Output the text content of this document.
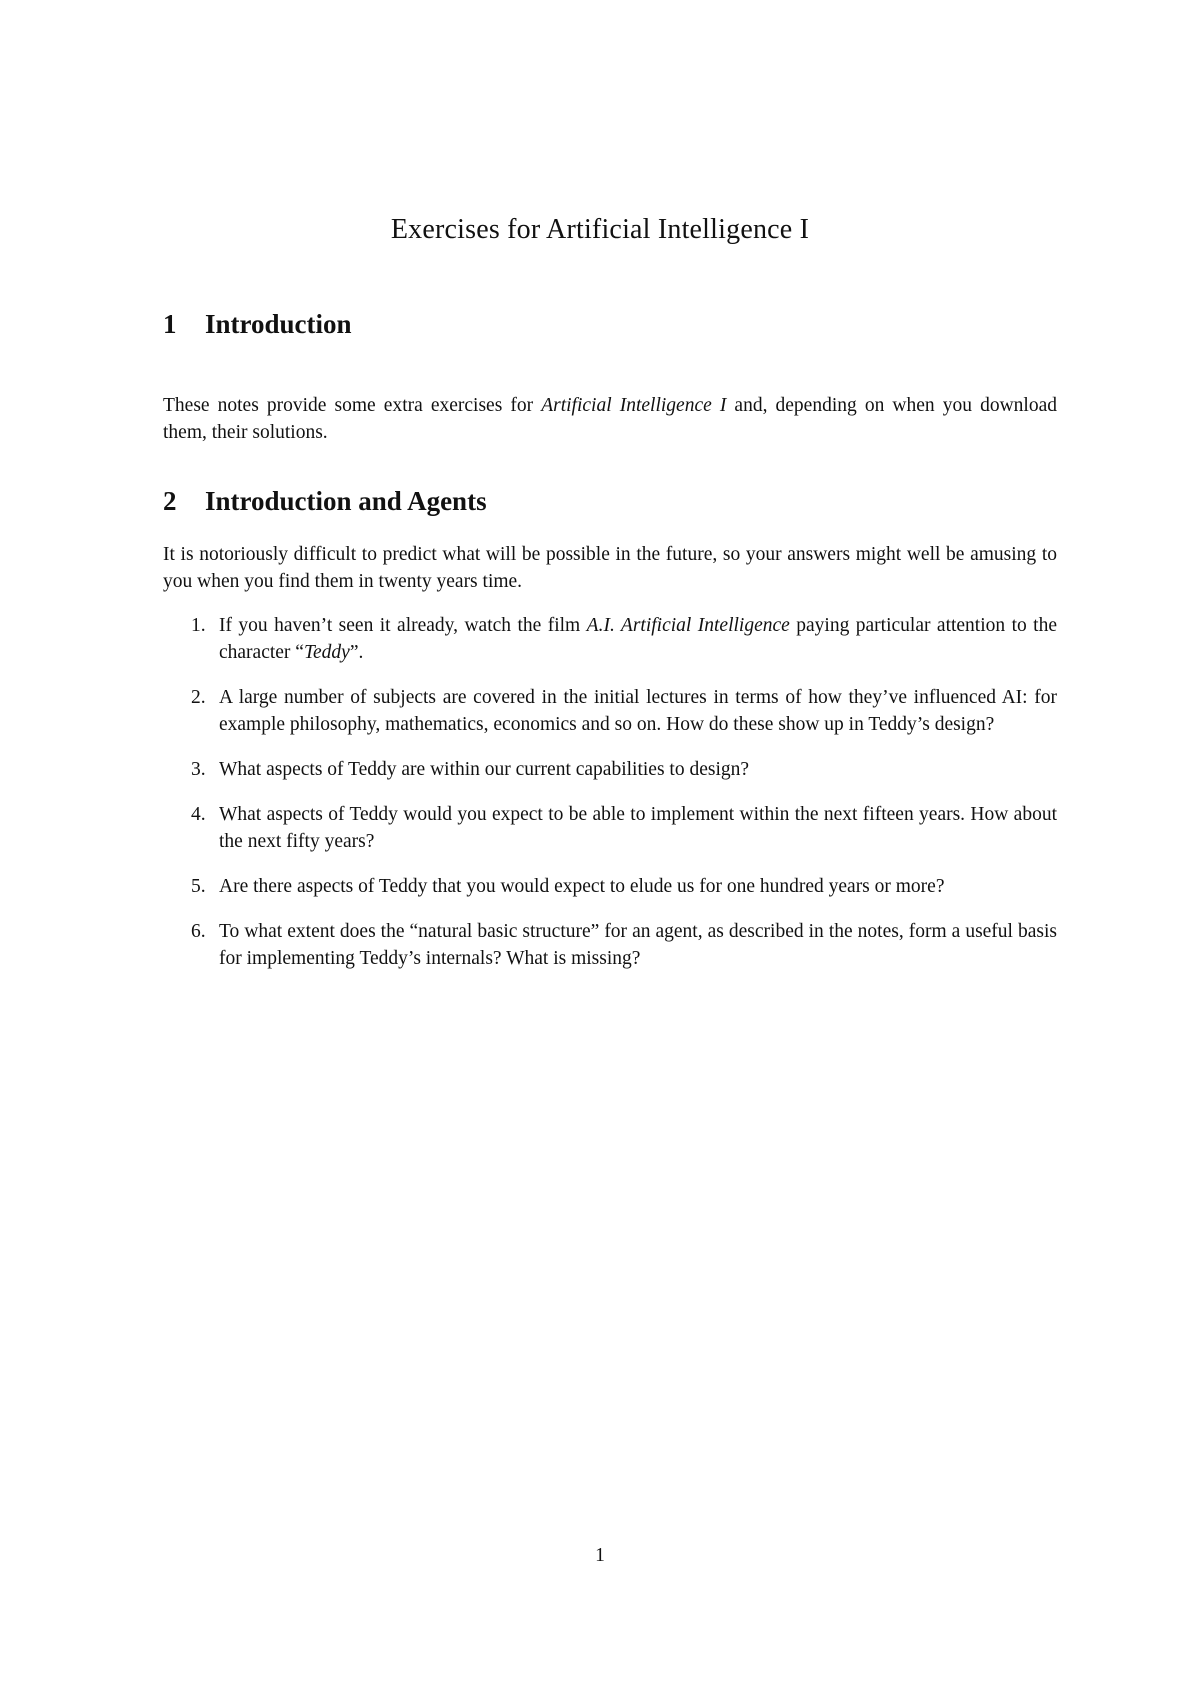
Exercises for Artificial Intelligence I
1 Introduction

These notes provide some extra exercises for Artificial Intelligence I and, depending on when you download them, their solutions.

2 Introduction and Agents

It is notoriously difficult to predict what will be possible in the future, so your answers might well be amusing to you when you find them in twenty years time.

1. If you haven’t seen it already, watch the film A.I. Artificial Intelligence paying particular attention to the character “Teddy”.
2. A large number of subjects are covered in the initial lectures in terms of how they’ve influenced AI: for example philosophy, mathematics, economics and so on. How do these show up in Teddy’s design?
3. What aspects of Teddy are within our current capabilities to design?
4. What aspects of Teddy would you expect to be able to implement within the next fifteen years. How about the next fifty years?
5. Are there aspects of Teddy that you would expect to elude us for one hundred years or more?
6. To what extent does the “natural basic structure” for an agent, as described in the notes, form a useful basis for implementing Teddy’s internals? What is missing?
1
